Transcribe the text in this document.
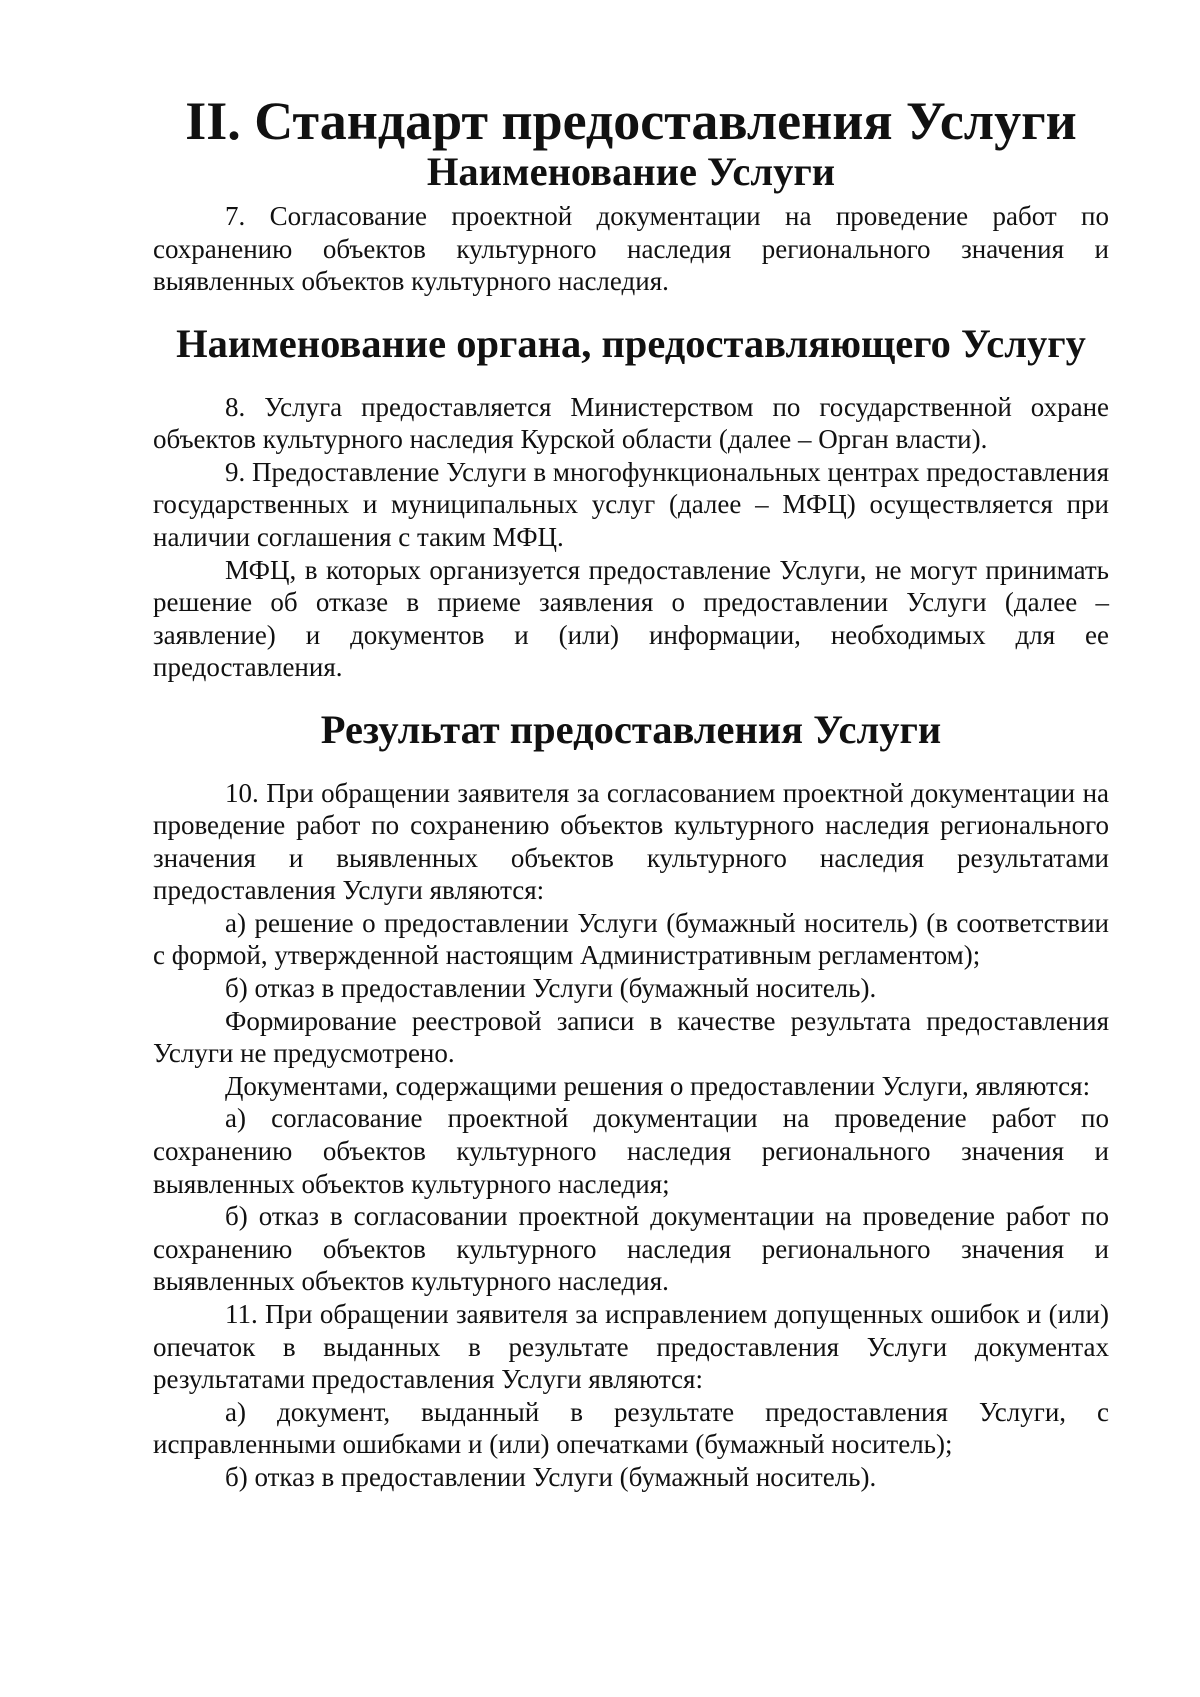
II. Стандарт предоставления Услуги
Наименование Услуги

7. Согласование проектной документации на проведение работ по сохранению объектов культурного наследия регионального значения и выявленных объектов культурного наследия.

Наименование органа, предоставляющего Услугу

8. Услуга предоставляется Министерством по государственной охране объектов культурного наследия Курской области (далее – Орган власти).

9. Предоставление Услуги в многофункциональных центрах предоставления государственных и муниципальных услуг (далее – МФЦ) осуществляется при наличии соглашения с таким МФЦ.

МФЦ, в которых организуется предоставление Услуги, не могут принимать решение об отказе в приеме заявления о предоставлении Услуги (далее – заявление) и документов и (или) информации, необходимых для ее предоставления.

Результат предоставления Услуги

10. При обращении заявителя за согласованием проектной документации на проведение работ по сохранению объектов культурного наследия регионального значения и выявленных объектов культурного наследия результатами предоставления Услуги являются:

а) решение о предоставлении Услуги (бумажный носитель) (в соответствии с формой, утвержденной настоящим Административным регламентом);

б) отказ в предоставлении Услуги (бумажный носитель).

Формирование реестровой записи в качестве результата предоставления Услуги не предусмотрено.

Документами, содержащими решения о предоставлении Услуги, являются:

а) согласование проектной документации на проведение работ по сохранению объектов культурного наследия регионального значения и выявленных объектов культурного наследия;

б) отказ в согласовании проектной документации на проведение работ по сохранению объектов культурного наследия регионального значения и выявленных объектов культурного наследия.

11. При обращении заявителя за исправлением допущенных ошибок и (или) опечаток в выданных в результате предоставления Услуги документах результатами предоставления Услуги являются:

а) документ, выданный в результате предоставления Услуги, с исправленными ошибками и (или) опечатками (бумажный носитель);

б) отказ в предоставлении Услуги (бумажный носитель).
